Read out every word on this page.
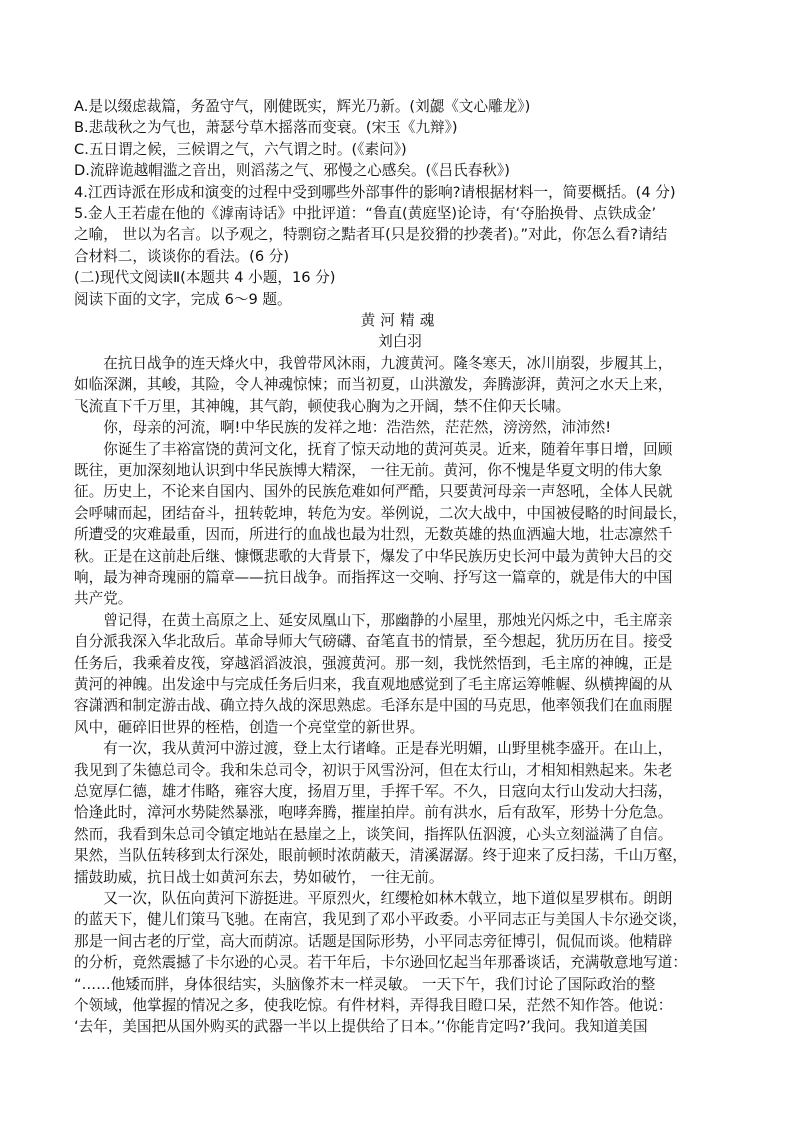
A.是以缀虑裁篇，务盈守气，刚健既实，辉光乃新。(刘勰《文心雕龙》)
B.悲哉秋之为气也，萧瑟兮草木摇落而变衰。(宋玉《九辩》)
C.五日谓之候，三候谓之气，六气谓之时。(《素问》)
D.流辟诡越帽滥之音出，则滔荡之气、邪慢之心感矣。(《吕氏春秋》)
4.江西诗派在形成和演变的过程中受到哪些外部事件的影响?请根据材料一，简要概括。(4 分)
5.金人王若虚在他的《滹南诗话》中批评道：“鲁直(黄庭坚)论诗，有‘夺胎换骨、点铁成金’
之喻， 世以为名言。以予观之，特剽窃之黠者耳(只是狡猾的抄袭者)。”对此，你怎么看?请结
合材料二，谈谈你的看法。(6 分)
(二)现代文阅读Ⅱ(本题共 4 小题，16 分)
阅读下面的文字，完成 6～9 题。
黄河精魂
刘白羽
在抗日战争的连天烽火中，我曾带风沐雨，九渡黄河。隆冬寒天，冰川崩裂，步履其上，
如临深渊，其峻，其险，令人神魂惊悚；而当初夏，山洪激发，奔腾澎湃，黄河之水天上来，
飞流直下千万里，其神魄，其气韵，顿使我心胸为之开阔，禁不住仰天长啸。
你，母亲的河流，啊!中华民族的发祥之地：浩浩然，茫茫然，滂滂然，沛沛然!
你诞生了丰裕富饶的黄河文化，抚育了惊天动地的黄河英灵。近来，随着年事日增，回顾
既往，更加深刻地认识到中华民族博大精深， 一往无前。黄河，你不愧是华夏文明的伟大象
征。历史上，不论来自国内、国外的民族危难如何严酷，只要黄河母亲一声怒吼，全体人民就
会呼啸而起，团结奋斗，扭转乾坤，转危为安。举例说，二次大战中，中国被侵略的时间最长，
所遭受的灾难最重，因而，所进行的血战也最为壮烈，无数英雄的热血洒遍大地，壮志凛然千
秋。正是在这前赴后继、慷慨悲歌的大背景下，爆发了中华民族历史长河中最为黄钟大吕的交
响，最为神奇瑰丽的篇章——抗日战争。而指挥这一交响、抒写这一篇章的，就是伟大的中国
共产党。
曾记得，在黄土高原之上、延安凤凰山下，那幽静的小屋里，那烛光闪烁之中，毛主席亲
自分派我深入华北敌后。革命导师大气磅礴、奋笔直书的情景，至今想起，犹历历在目。接受
任务后，我乘着皮筏，穿越滔滔波浪，强渡黄河。那一刻，我恍然悟到，毛主席的神魄，正是
黄河的神魄。出发途中与完成任务后归来，我直观地感觉到了毛主席运筹帷幄、纵横捭阖的从
容潇洒和制定游击战、确立持久战的深思熟虑。毛泽东是中国的马克思，他率领我们在血雨腥
风中，砸碎旧世界的桎梏，创造一个亮堂堂的新世界。
有一次，我从黄河中游过渡，登上太行诸峰。正是春光明媚，山野里桃李盛开。在山上，
我见到了朱德总司令。我和朱总司令，初识于风雪汾河，但在太行山，才相知相熟起来。朱老
总宽厚仁德，雄才伟略，雍容大度，扬眉万里，手挥千军。不久，日寇向太行山发动大扫荡，
恰逢此时，漳河水势陡然暴涨，咆哮奔腾，摧崖拍岸。前有洪水，后有敌军，形势十分危急。
然而，我看到朱总司令镇定地站在悬崖之上，谈笑间，指挥队伍泅渡，心头立刻溢满了自信。
果然，当队伍转移到太行深处，眼前顿时浓荫蔽天，清溪潺潺。终于迎来了反扫荡，千山万壑，
擂鼓助威，抗日战士如黄河东去，势如破竹， 一往无前。
又一次，队伍向黄河下游挺进。平原烈火，红缨枪如林木戟立，地下道似星罗棋布。朗朗
的蓝天下，健儿们策马飞驰。在南宫，我见到了邓小平政委。小平同志正与美国人卡尔逊交谈，
那是一间古老的厅堂，高大而荫凉。话题是国际形势，小平同志旁征博引，侃侃而谈。他精辟
的分析，竟然震撼了卡尔逊的心灵。若干年后，卡尔逊回忆起当年那番谈话，充满敬意地写道：
“……他矮而胖，身体很结实，头脑像芥末一样灵敏。 一天下午，我们讨论了国际政治的整
个领域，他掌握的情况之多，使我吃惊。有件材料，弄得我目瞪口呆，茫然不知作答。他说：
‘去年，美国把从国外购买的武器一半以上提供给了日本。’‘你能肯定吗?’我问。我知道美国
